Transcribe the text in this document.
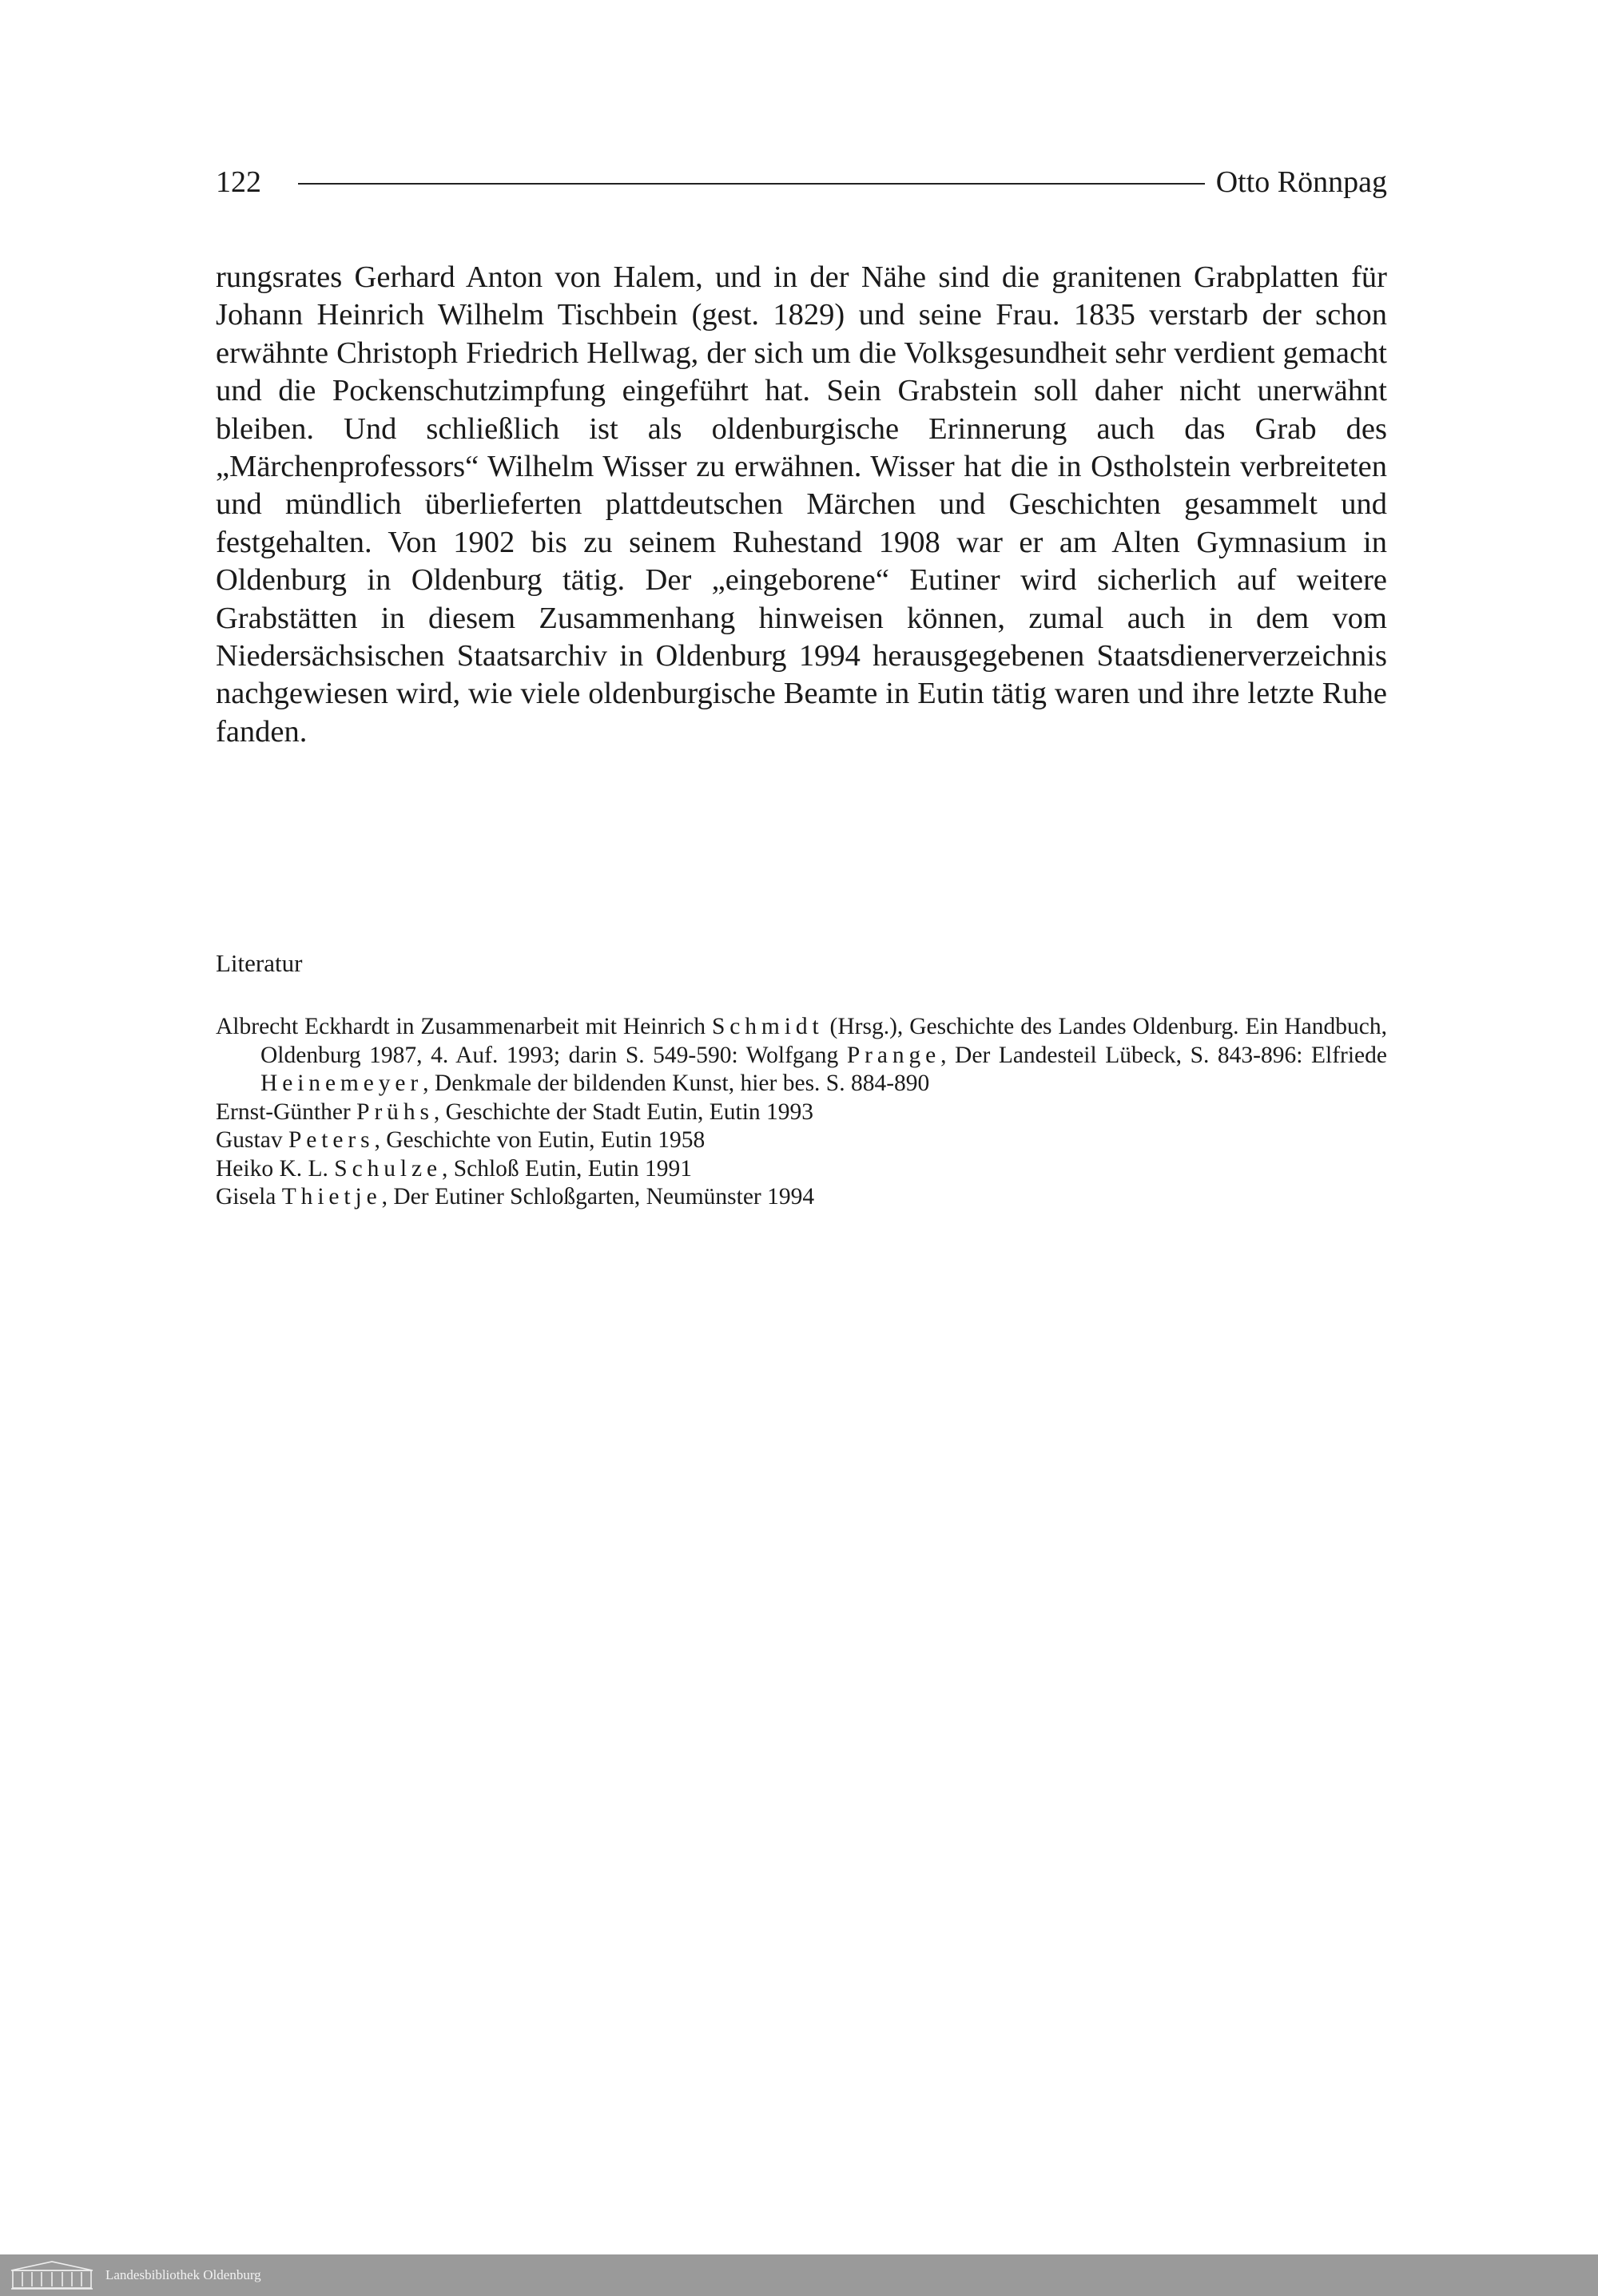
122	Otto Rönnpag

rungsrates Gerhard Anton von Halem, und in der Nähe sind die granitenen Grabplatten für Johann Heinrich Wilhelm Tischbein (gest. 1829) und seine Frau. 1835 verstarb der schon erwähnte Christoph Friedrich Hellwag, der sich um die Volksgesundheit sehr verdient gemacht und die Pockenschutzimpfung eingeführt hat. Sein Grabstein soll daher nicht unerwähnt bleiben. Und schließlich ist als oldenburgische Erinnerung auch das Grab des „Märchenprofessors“ Wilhelm Wisser zu erwähnen. Wisser hat die in Ostholstein verbreiteten und mündlich überlieferten plattdeutschen Märchen und Geschichten gesammelt und festgehalten. Von 1902 bis zu seinem Ruhestand 1908 war er am Alten Gymnasium in Oldenburg in Oldenburg tätig. Der „eingeborene“ Eutiner wird sicherlich auf weitere Grabstätten in diesem Zusammenhang hinweisen können, zumal auch in dem vom Niedersächsischen Staatsarchiv in Oldenburg 1994 herausgegebenen Staatsdienerverzeichnis nachgewiesen wird, wie viele oldenburgische Beamte in Eutin tätig waren und ihre letzte Ruhe fanden.

Literatur
Albrecht Eckhardt in Zusammenarbeit mit Heinrich Schmidt (Hrsg.), Geschichte des Landes Oldenburg. Ein Handbuch, Oldenburg 1987, 4. Auf. 1993; darin S. 549-590: Wolfgang Prange, Der Landesteil Lübeck, S. 843-896: Elfriede Heinemeyer, Denkmale der bildenden Kunst, hier bes. S. 884-890
Ernst-Günther Prühs, Geschichte der Stadt Eutin, Eutin 1993
Gustav Peters, Geschichte von Eutin, Eutin 1958
Heiko K. L. Schulze, Schloß Eutin, Eutin 1991
Gisela Thietje, Der Eutiner Schloßgarten, Neumünster 1994
Landesbibliothek Oldenburg
